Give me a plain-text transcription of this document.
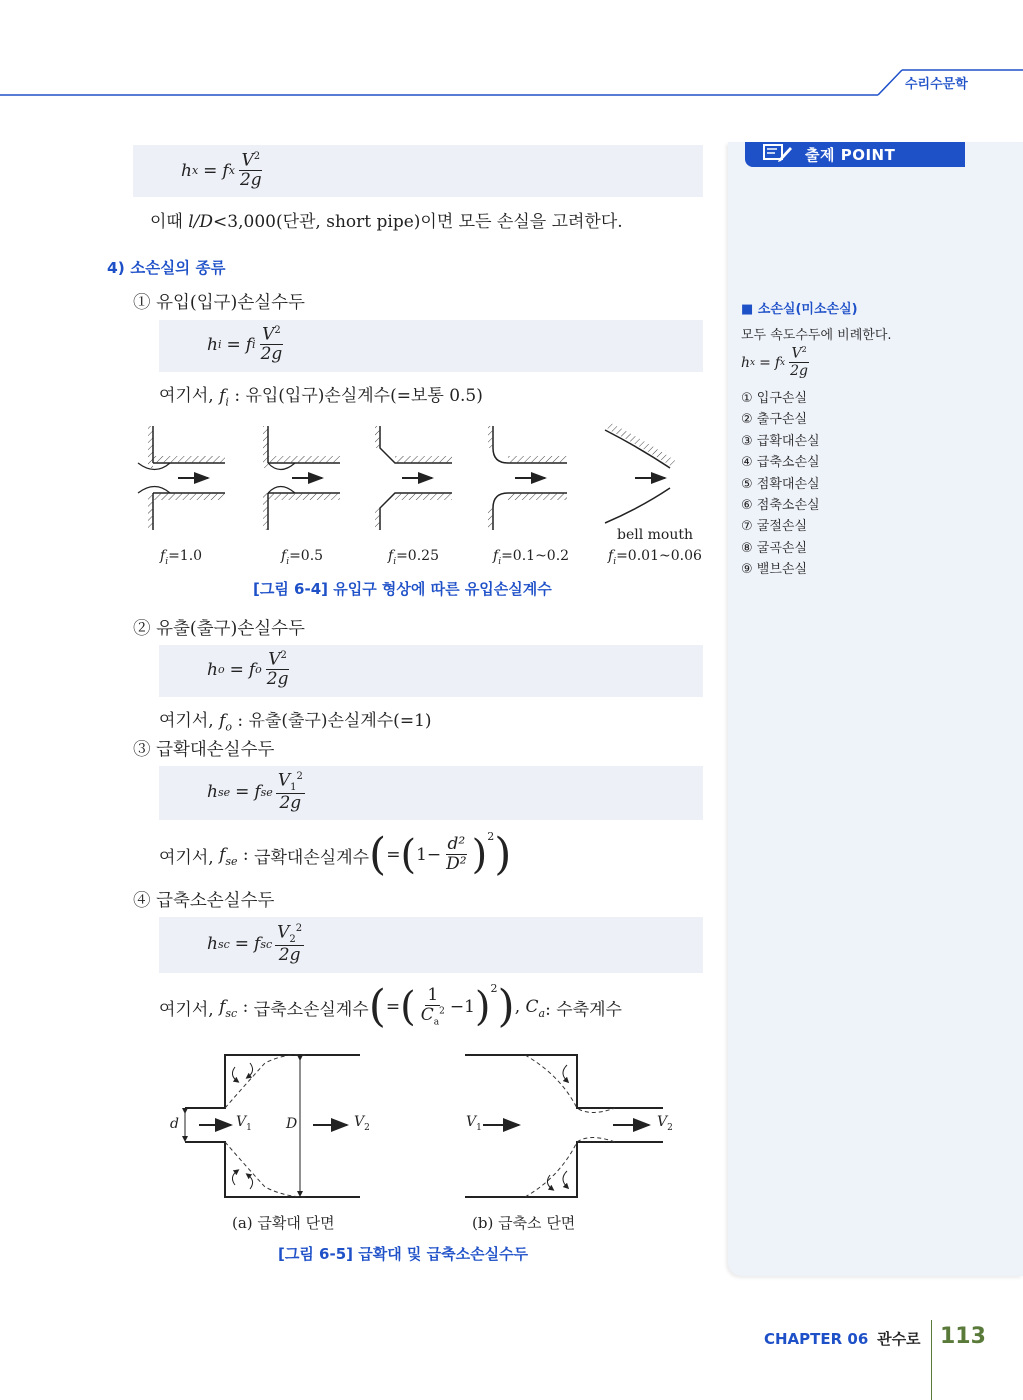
수리수문학
h x = f x $\frac{V^2}{2g}$
이때 l/D<3,000(단관, short pipe)이면 모든 손실을 고려한다.
4) 소손실의 종류
① 유입(입구)손실수두
h i = f i $\frac{V^2}{2g}$
여기서, $f_i$ : 유입(입구)손실계수(=보통 0.5)
bell mouth
$f_i=1.0$	$f_i=0.5$	$f_i=0.25$	$f_i=0.1\sim 0.2$	$f_i=0.01\sim 0.06$
[그림 6-4] 유입구 형상에 따른 유입손실계수
② 유출(출구)손실수두
h o = f o $\frac{V^2}{2g}$
여기서, $f_o$ : 유출(출구)손실계수(=1)
③ 급확대손실수두
h se = f se $\frac{V_1^2}{2g}$
여기서,
$f_{se}$ : 급확대손실계수 ( = ( $1- \frac{\text{d²}}{\text{D²}} )^2$ )
④ 급축소손실수두
h sc = f sc $\frac{V_2^2}{2g}$
여기서,
$f_{sc}$ : 급축소손실계수 ( = ( $\frac{1}{C_a^2} -1$ )$^2$ ) , $C_a$ : 수축계수
d	D
$V_1$	$V_2$	$V_1$	$V_2$
(a) 급확대 단면	(b) 급축소 단면
[그림 6-5] 급확대 및 급축소손실수두
출제 POINT
■ 소손실(미소손실)
모두 속도수두에 비례한다.
h x = f x $\frac{V^2}{2g}$
① 입구손실
② 출구손실
③ 급확대손실
④ 급축소손실
⑤ 점확대손실
⑥ 점축소손실
⑦ 굴절손실
⑧ 굴곡손실
⑨ 밸브손실
CHAPTER 06 관수로 113
